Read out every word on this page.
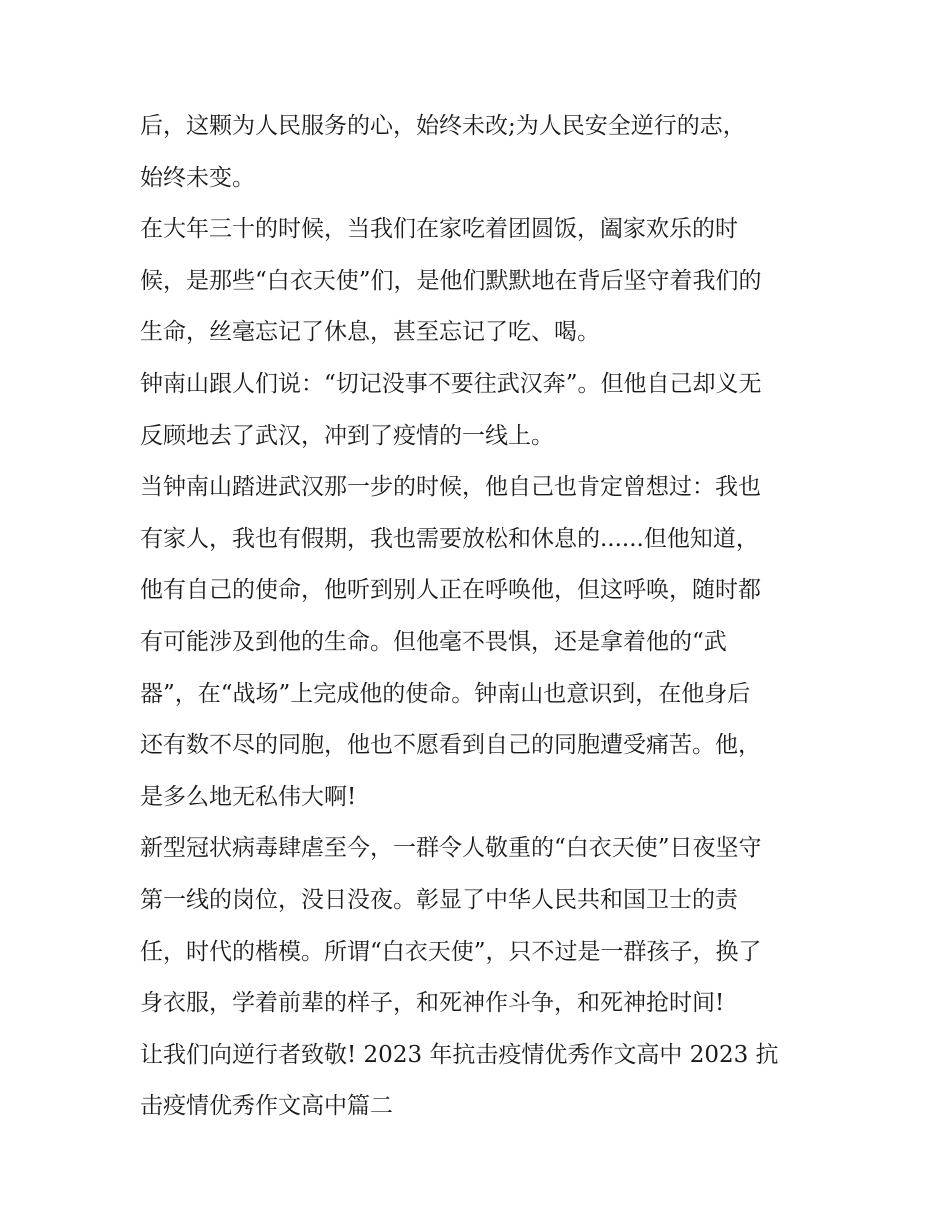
后，这颗为人民服务的心，始终未改;为人民安全逆行的志，
始终未变。
在大年三十的时候，当我们在家吃着团圆饭，阖家欢乐的时
候，是那些“白衣天使”们，是他们默默地在背后坚守着我们的
生命，丝毫忘记了休息，甚至忘记了吃、喝。
钟南山跟人们说：“切记没事不要往武汉奔”。但他自己却义无
反顾地去了武汉，冲到了疫情的一线上。
当钟南山踏进武汉那一步的时候，他自己也肯定曾想过：我也
有家人，我也有假期，我也需要放松和休息的......但他知道，
他有自己的使命，他听到别人正在呼唤他，但这呼唤，随时都
有可能涉及到他的生命。但他毫不畏惧，还是拿着他的“武
器”，在“战场”上完成他的使命。钟南山也意识到，在他身后
还有数不尽的同胞，他也不愿看到自己的同胞遭受痛苦。他，
是多么地无私伟大啊!
新型冠状病毒肆虐至今，一群令人敬重的“白衣天使”日夜坚守
第一线的岗位，没日没夜。彰显了中华人民共和国卫士的责
任，时代的楷模。所谓“白衣天使”，只不过是一群孩子，换了
身衣服，学着前辈的样子，和死神作斗争，和死神抢时间!
让我们向逆行者致敬! 2023 年抗击疫情优秀作文高中 2023 抗
击疫情优秀作文高中篇二
